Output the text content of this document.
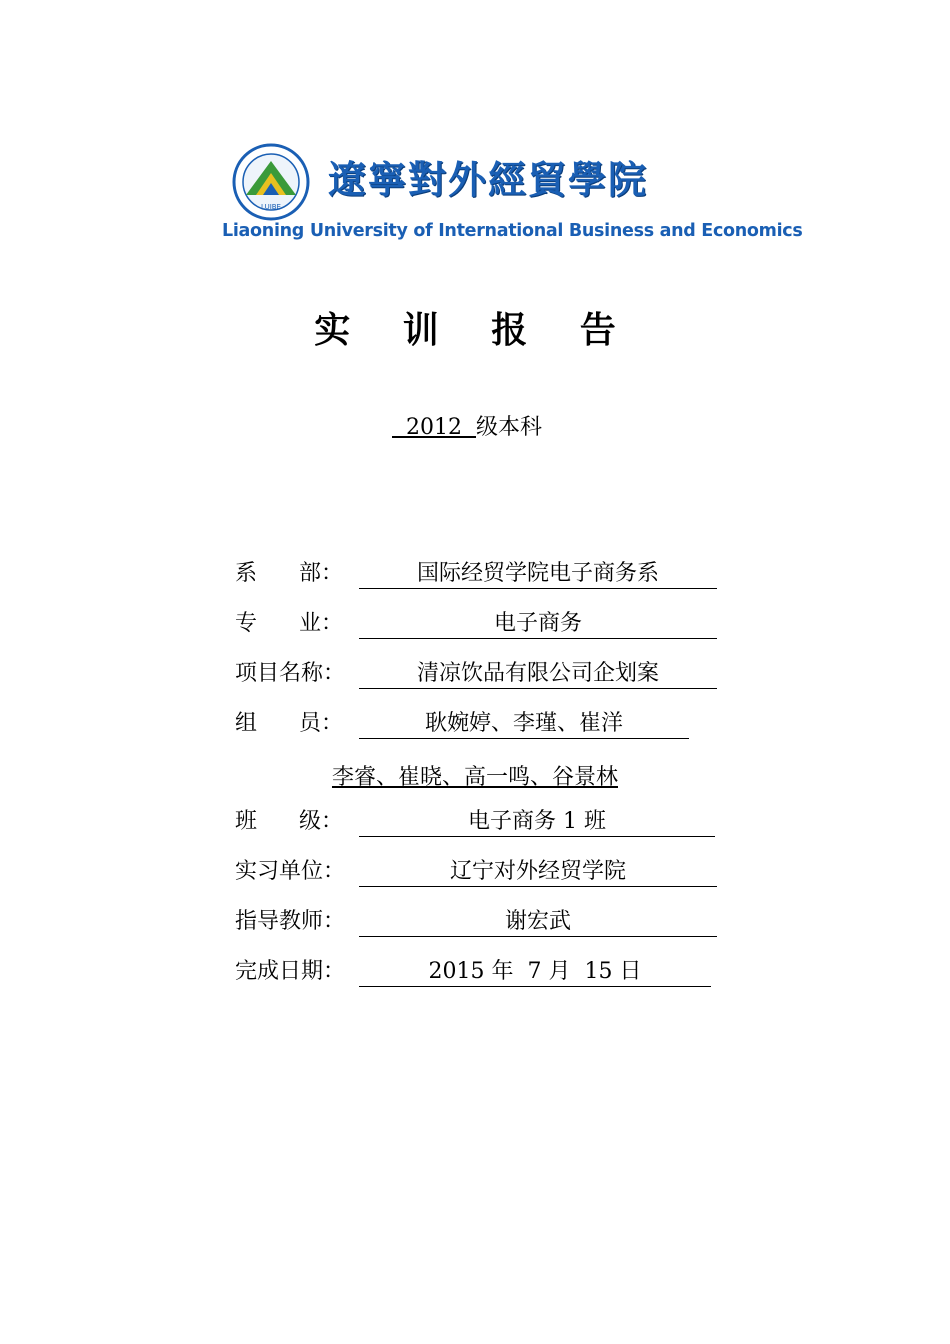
LUIBE
遼寧對外經貿學院
Liaoning University of International Business and Economics
实 训 报 告
2012 级本科
系      部：	国际经贸学院电子商务系
专      业：	电子商务
项目名称：	清凉饮品有限公司企划案
组      员：	耿婉婷、李瑾、崔洋
李睿、崔晓、高一鸣、谷景林
班      级：	电子商务 1 班
实习单位：	辽宁对外经贸学院
指导教师：	谢宏武
完成日期：	2015 年  7 月  15 日
